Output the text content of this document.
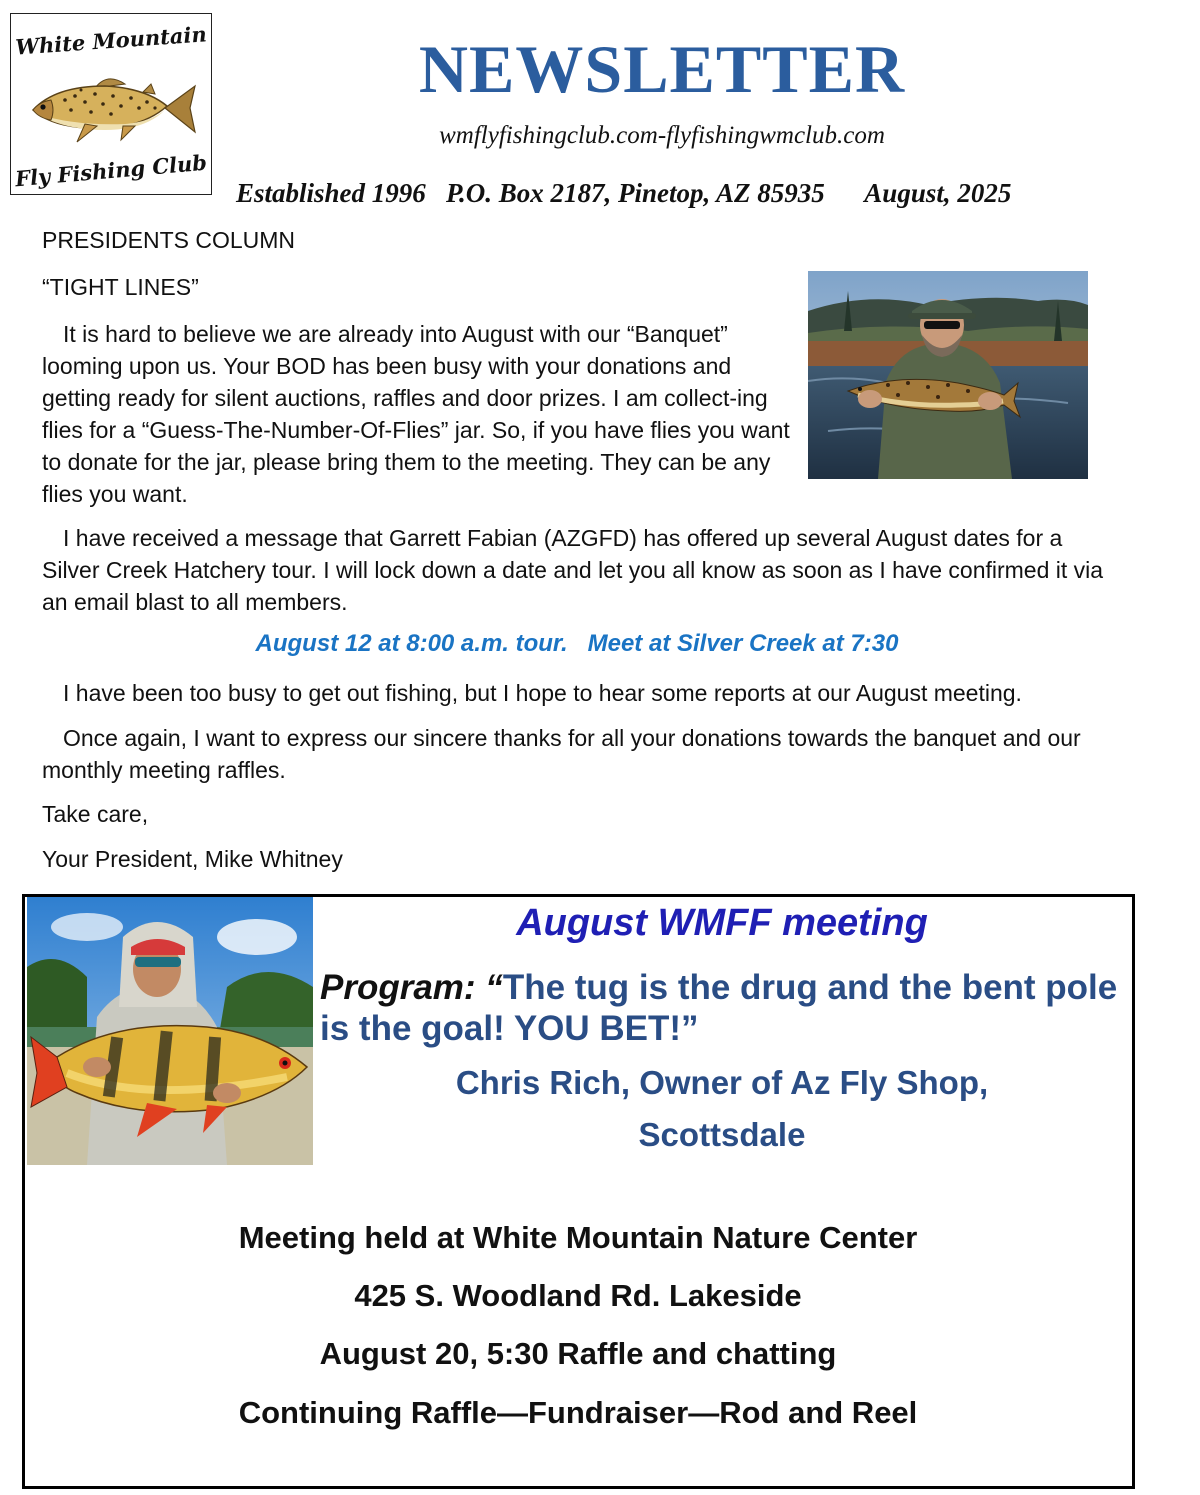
White Mountain
Fly Fishing Club
NEWSLETTER
wmflyfishingclub.com-flyfishingwmclub.com
Established 1996   P.O. Box 2187, Pinetop, AZ 85935      August, 2025
PRESIDENTS COLUMN
“TIGHT LINES”
It is hard to believe we are already into August with our “Banquet” looming upon us. Your BOD has been busy with your donations and getting ready for silent auctions, raffles and door prizes. I am collect-ing flies for a “Guess-The-Number-Of-Flies” jar. So, if you have flies you want to donate for the jar, please bring them to the meeting. They can be any flies you want.
I have received a message that Garrett Fabian (AZGFD) has offered up several August dates for a Silver Creek Hatchery tour. I will lock down a date and let you all know as soon as I have confirmed it via an email blast to all members.
August 12 at 8:00 a.m. tour.   Meet at Silver Creek at 7:30
I have been too busy to get out fishing, but I hope to hear some reports at our August meeting.
Once again, I want to express our sincere thanks for all your donations towards the banquet and our monthly meeting raffles.
Take care,
Your President, Mike Whitney
August WMFF meeting
Program: “The tug is the drug and the bent pole is the goal! YOU BET!”
Chris Rich, Owner of Az Fly Shop,
Scottsdale
Meeting held at White Mountain Nature Center
425 S. Woodland Rd. Lakeside
August 20, 5:30 Raffle and chatting
Continuing Raffle—Fundraiser—Rod and Reel
